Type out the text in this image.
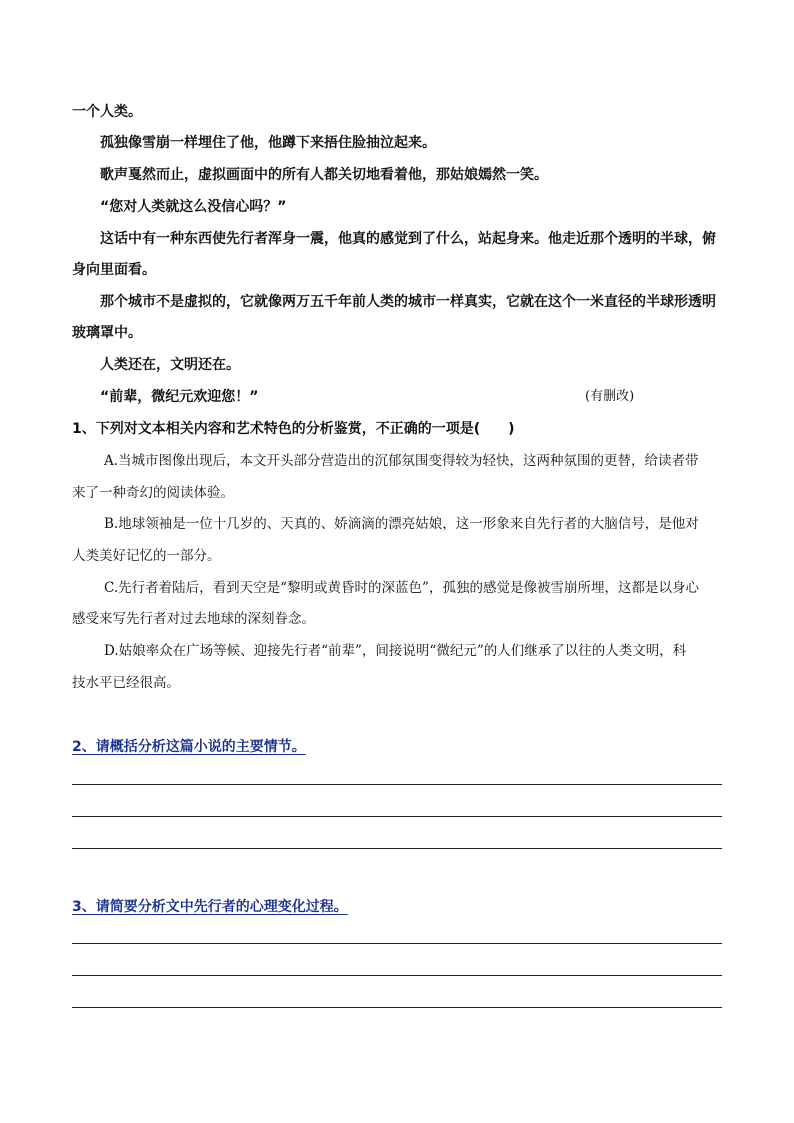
一个人类。
孤独像雪崩一样埋住了他，他蹲下来捂住脸抽泣起来。
歌声戛然而止，虚拟画面中的所有人都关切地看着他，那姑娘嫣然一笑。
“您对人类就这么没信心吗？”
这话中有一种东西使先行者浑身一震，他真的感觉到了什么，站起身来。他走近那个透明的半球，俯
身向里面看。
那个城市不是虚拟的，它就像两万五千年前人类的城市一样真实，它就在这个一米直径的半球形透明
玻璃罩中。
人类还在，文明还在。
“前辈，微纪元欢迎您！”	(有删改)
1、下列对文本相关内容和艺术特色的分析鉴赏，不正确的一项是(　　)
A.当城市图像出现后，本文开头部分营造出的沉郁氛围变得较为轻快，这两种氛围的更替，给读者带
来了一种奇幻的阅读体验。
B.地球领袖是一位十几岁的、天真的、娇滴滴的漂亮姑娘，这一形象来自先行者的大脑信号，是他对
人类美好记忆的一部分。
C.先行者着陆后，看到天空是“黎明或黄昏时的深蓝色”，孤独的感觉是像被雪崩所埋，这都是以身心
感受来写先行者对过去地球的深刻眷念。
D.姑娘率众在广场等候、迎接先行者“前辈”，间接说明“微纪元”的人们继承了以往的人类文明，科
技水平已经很高。
2、请概括分析这篇小说的主要情节。
3、请简要分析文中先行者的心理变化过程。
